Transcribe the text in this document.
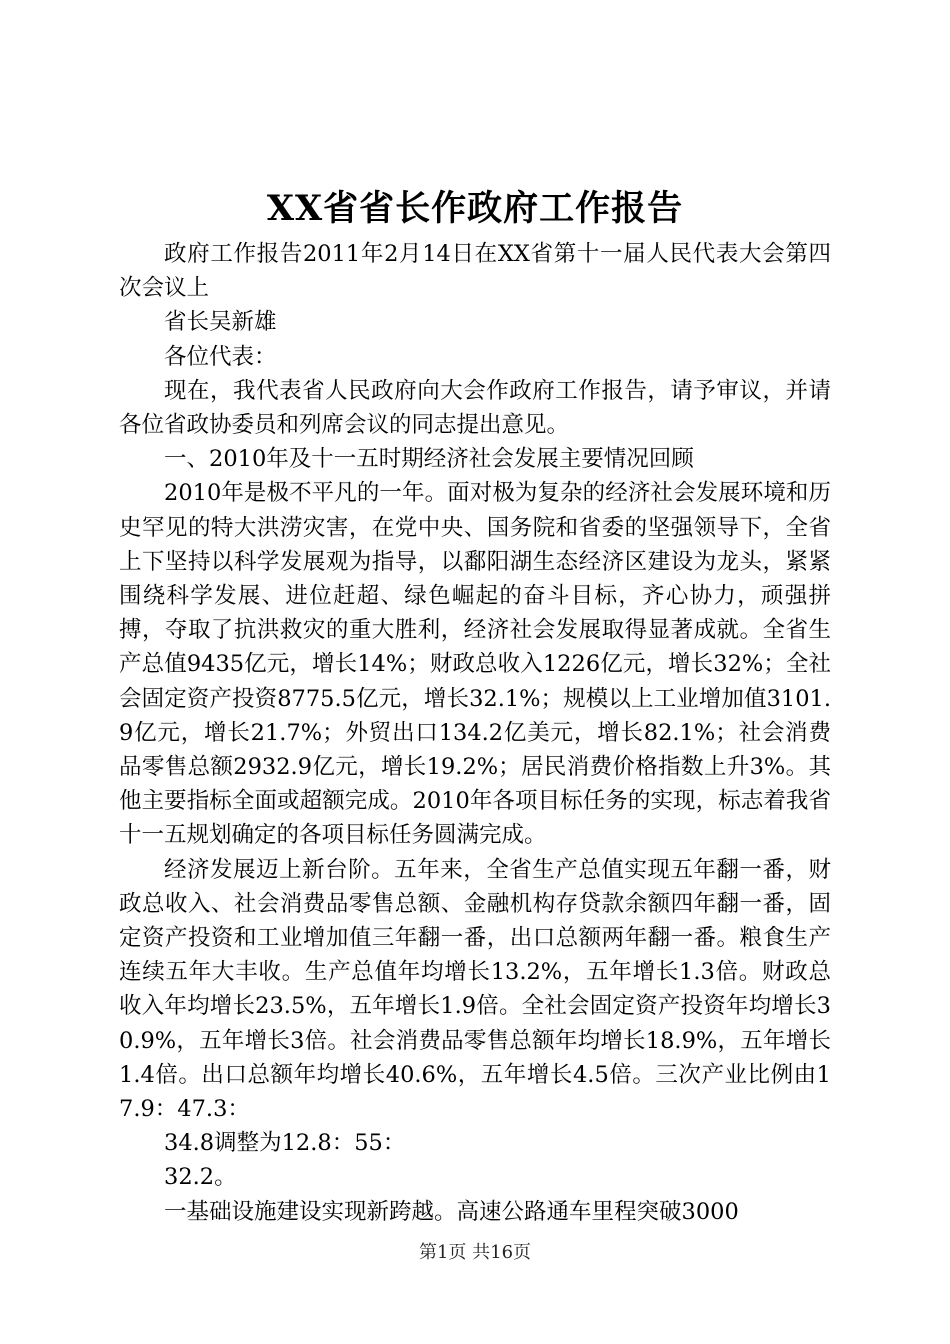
XX省省长作政府工作报告

政府工作报告2011年2月14日在XX省第十一届人民代表大会第四次会议上

省长吴新雄

各位代表：

现在，我代表省人民政府向大会作政府工作报告，请予审议，并请各位省政协委员和列席会议的同志提出意见。

一、2010年及十一五时期经济社会发展主要情况回顾

2010年是极不平凡的一年。面对极为复杂的经济社会发展环境和历史罕见的特大洪涝灾害，在党中央、国务院和省委的坚强领导下，全省上下坚持以科学发展观为指导，以鄱阳湖生态经济区建设为龙头，紧紧围绕科学发展、进位赶超、绿色崛起的奋斗目标，齐心协力，顽强拼搏，夺取了抗洪救灾的重大胜利，经济社会发展取得显著成就。全省生产总值9435亿元，增长14%；财政总收入1226亿元，增长32%；全社会固定资产投资8775.5亿元，增长32.1%；规模以上工业增加值3101.9亿元，增长21.7%；外贸出口134.2亿美元，增长82.1%；社会消费品零售总额2932.9亿元，增长19.2%；居民消费价格指数上升3%。其他主要指标全面或超额完成。2010年各项目标任务的实现，标志着我省十一五规划确定的各项目标任务圆满完成。

经济发展迈上新台阶。五年来，全省生产总值实现五年翻一番，财政总收入、社会消费品零售总额、金融机构存贷款余额四年翻一番，固定资产投资和工业增加值三年翻一番，出口总额两年翻一番。粮食生产连续五年大丰收。生产总值年均增长13.2%，五年增长1.3倍。财政总收入年均增长23.5%，五年增长1.9倍。全社会固定资产投资年均增长30.9%，五年增长3倍。社会消费品零售总额年均增长18.9%，五年增长1.4倍。出口总额年均增长40.6%，五年增长4.5倍。三次产业比例由17.9：47.3：

34.8调整为12.8：55：

32.2。

一基础设施建设实现新跨越。高速公路通车里程突破3000

第1页 共16页
